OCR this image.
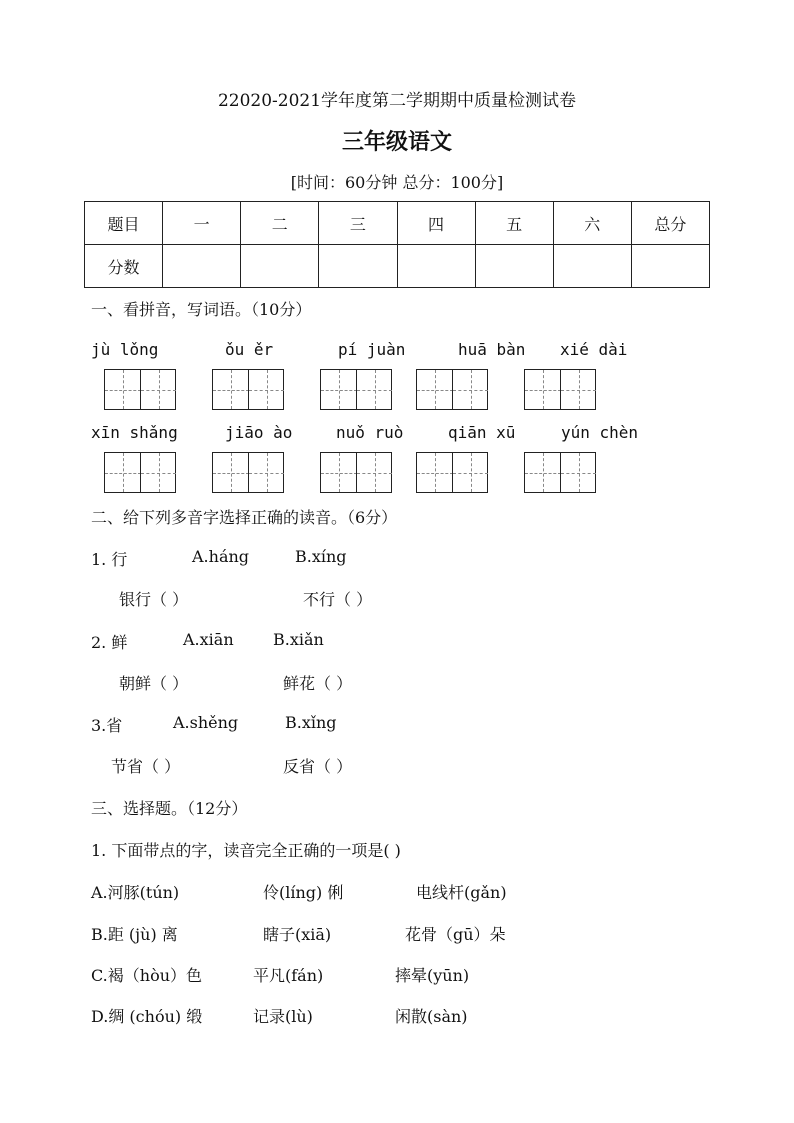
22020-2021学年度第二学期期中质量检测试卷
三年级语文
[时间：60分钟 总分：100分]
题目	一	二	三	四	五	六	总分
分数							
一、看拼音，写词语。（10分）
jù lǒng	ǒu ěr	pí juàn	huā bàn xié dài
xīn shǎng	jiāo ào	nuǒ ruò	qiān xū	yún chèn
二、给下列多音字选择正确的读音。（6分）
1. 行	A.háng	B.xíng
银行（ ）	不行（ ）
2. 鲜	A.xiān B.xiǎn
朝鲜（ ）	鲜花（ ）
3.省	A.shěng	B.xǐng
节省（ ）	反省（ ）
三、选择题。（12分）
1. 下面带点的字，读音完全正确的一项是( )
A.河豚(tún)	伶(líng) 俐	电线杆(gǎn)
B.距 (jù) 离	瞎子(xiā)	花骨（gū）朵
C.褐（hòu）色	平凡(fán)	摔晕(yūn)
D.绸 (chóu) 缎	记录(lù)	闲散(sàn)
